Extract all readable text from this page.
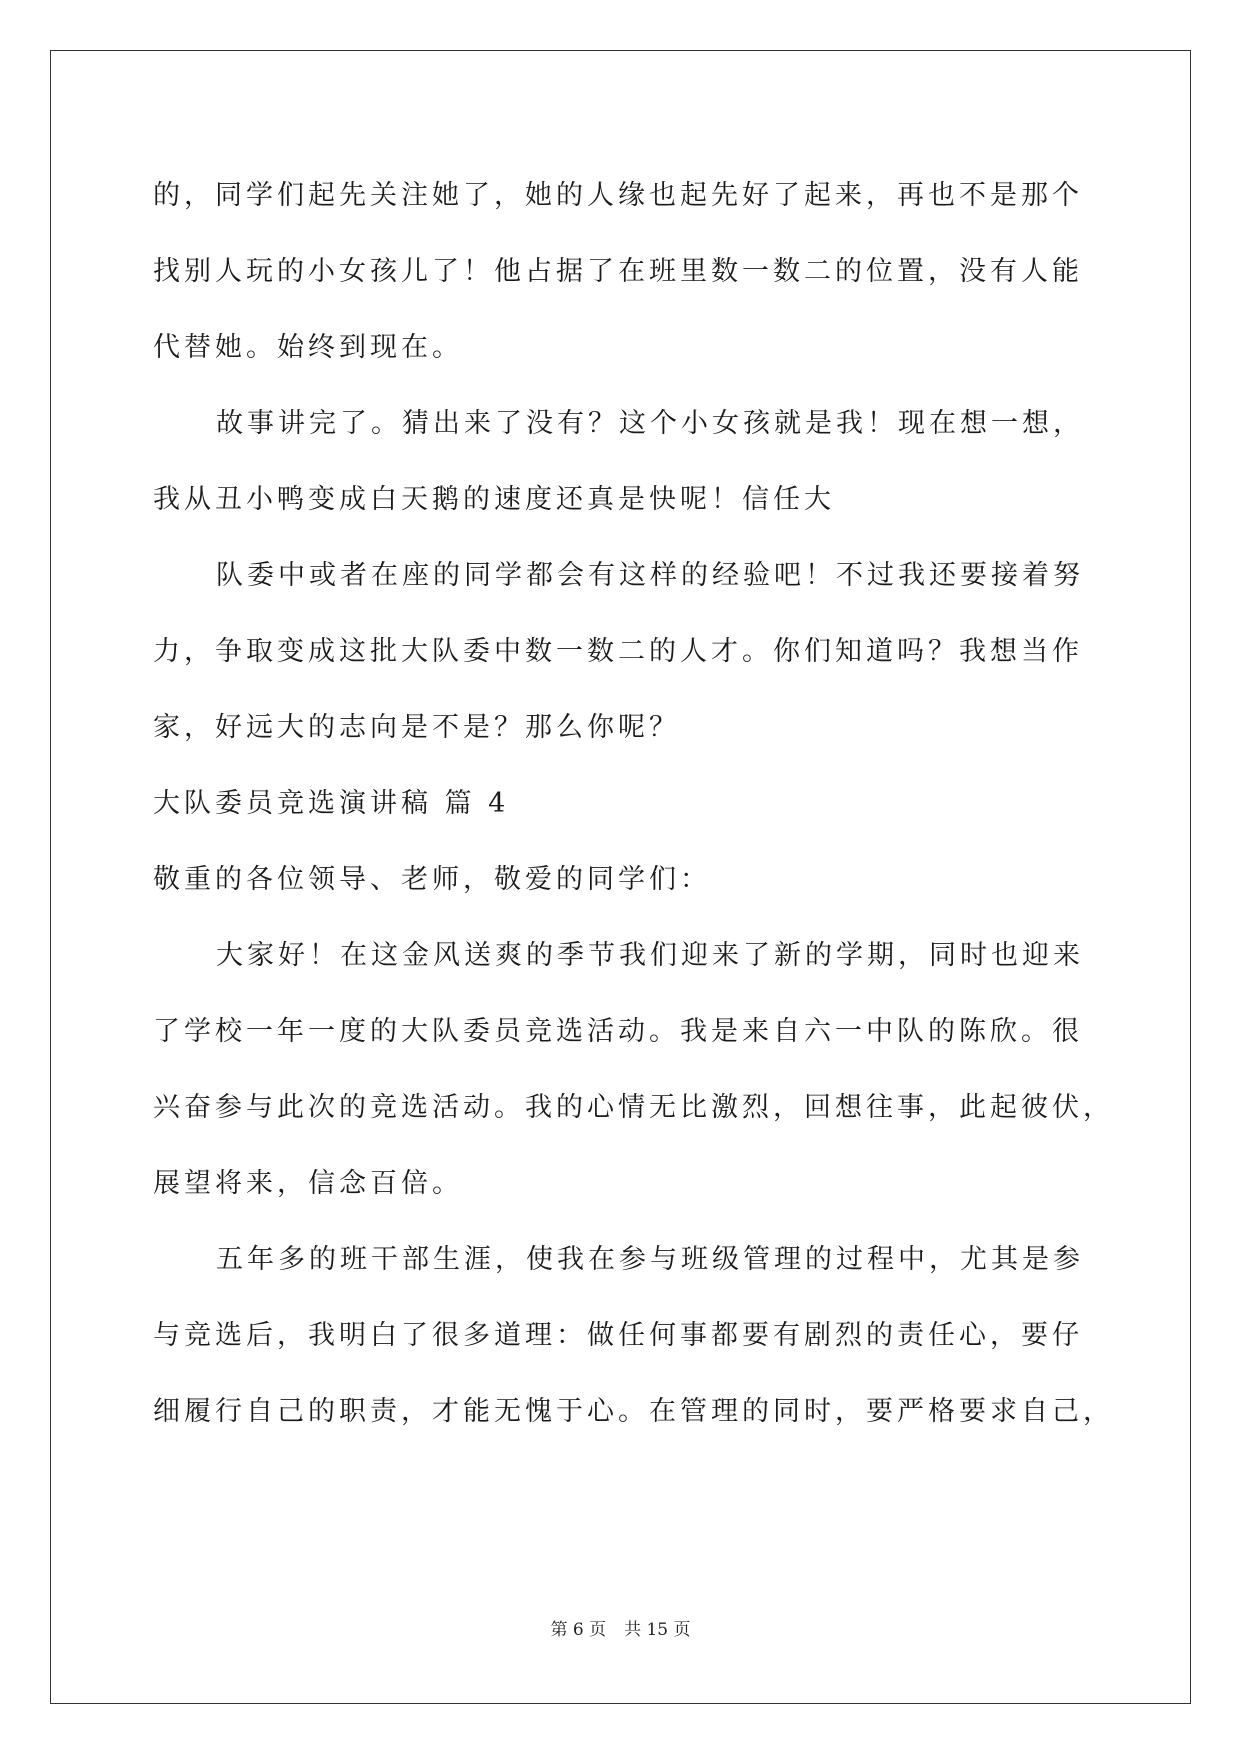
的，同学们起先关注她了，她的人缘也起先好了起来，再也不是那个
找别人玩的小女孩儿了！他占据了在班里数一数二的位置，没有人能
代替她。始终到现在。
故事讲完了。猜出来了没有？这个小女孩就是我！现在想一想，
我从丑小鸭变成白天鹅的速度还真是快呢！信任大
队委中或者在座的同学都会有这样的经验吧！不过我还要接着努
力，争取变成这批大队委中数一数二的人才。你们知道吗？我想当作
家，好远大的志向是不是？那么你呢？
大队委员竞选演讲稿 篇 4
敬重的各位领导、老师，敬爱的同学们：
大家好！在这金风送爽的季节我们迎来了新的学期，同时也迎来
了学校一年一度的大队委员竞选活动。我是来自六一中队的陈欣。很
兴奋参与此次的竞选活动。我的心情无比激烈，回想往事，此起彼伏，
展望将来，信念百倍。
五年多的班干部生涯，使我在参与班级管理的过程中，尤其是参
与竞选后，我明白了很多道理：做任何事都要有剧烈的责任心，要仔
细履行自己的职责，才能无愧于心。在管理的同时，要严格要求自己，
第 6 页 共 15 页
